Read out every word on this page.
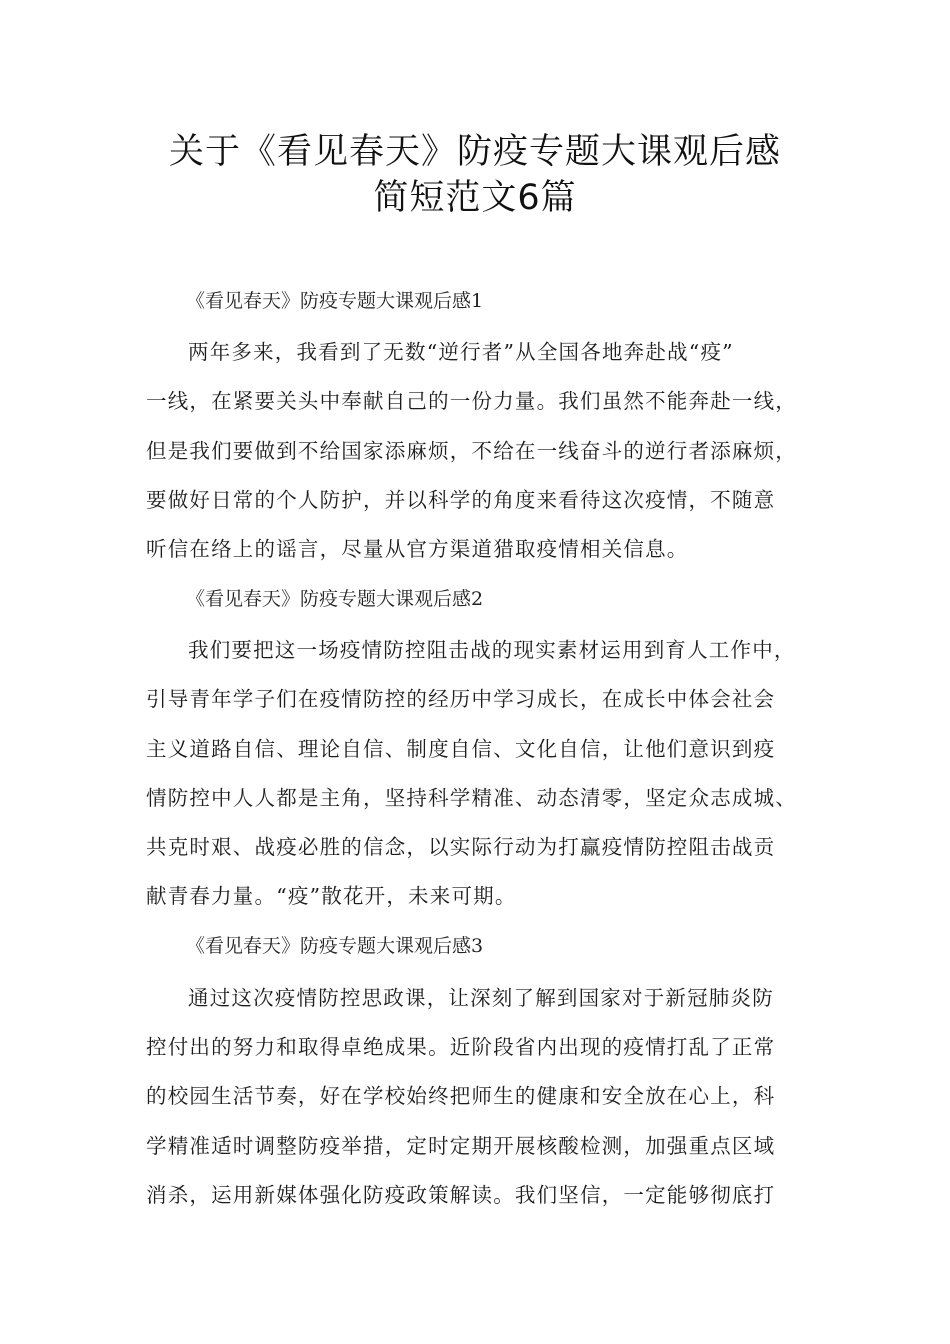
关于《看见春天》防疫专题大课观后感
简短范文6篇
《看见春天》防疫专题大课观后感1
两年多来，我看到了无数“逆行者”从全国各地奔赴战“疫”
一线，在紧要关头中奉献自己的一份力量。我们虽然不能奔赴一线，
但是我们要做到不给国家添麻烦，不给在一线奋斗的逆行者添麻烦，
要做好日常的个人防护，并以科学的角度来看待这次疫情，不随意
听信在络上的谣言，尽量从官方渠道猎取疫情相关信息。
《看见春天》防疫专题大课观后感2
我们要把这一场疫情防控阻击战的现实素材运用到育人工作中，
引导青年学子们在疫情防控的经历中学习成长，在成长中体会社会
主义道路自信、理论自信、制度自信、文化自信，让他们意识到疫
情防控中人人都是主角，坚持科学精准、动态清零，坚定众志成城、
共克时艰、战疫必胜的信念，以实际行动为打赢疫情防控阻击战贡
献青春力量。“疫”散花开，未来可期。
《看见春天》防疫专题大课观后感3
通过这次疫情防控思政课，让深刻了解到国家对于新冠肺炎防
控付出的努力和取得卓绝成果。近阶段省内出现的疫情打乱了正常
的校园生活节奏，好在学校始终把师生的健康和安全放在心上，科
学精准适时调整防疫举措，定时定期开展核酸检测，加强重点区域
消杀，运用新媒体强化防疫政策解读。我们坚信，一定能够彻底打
